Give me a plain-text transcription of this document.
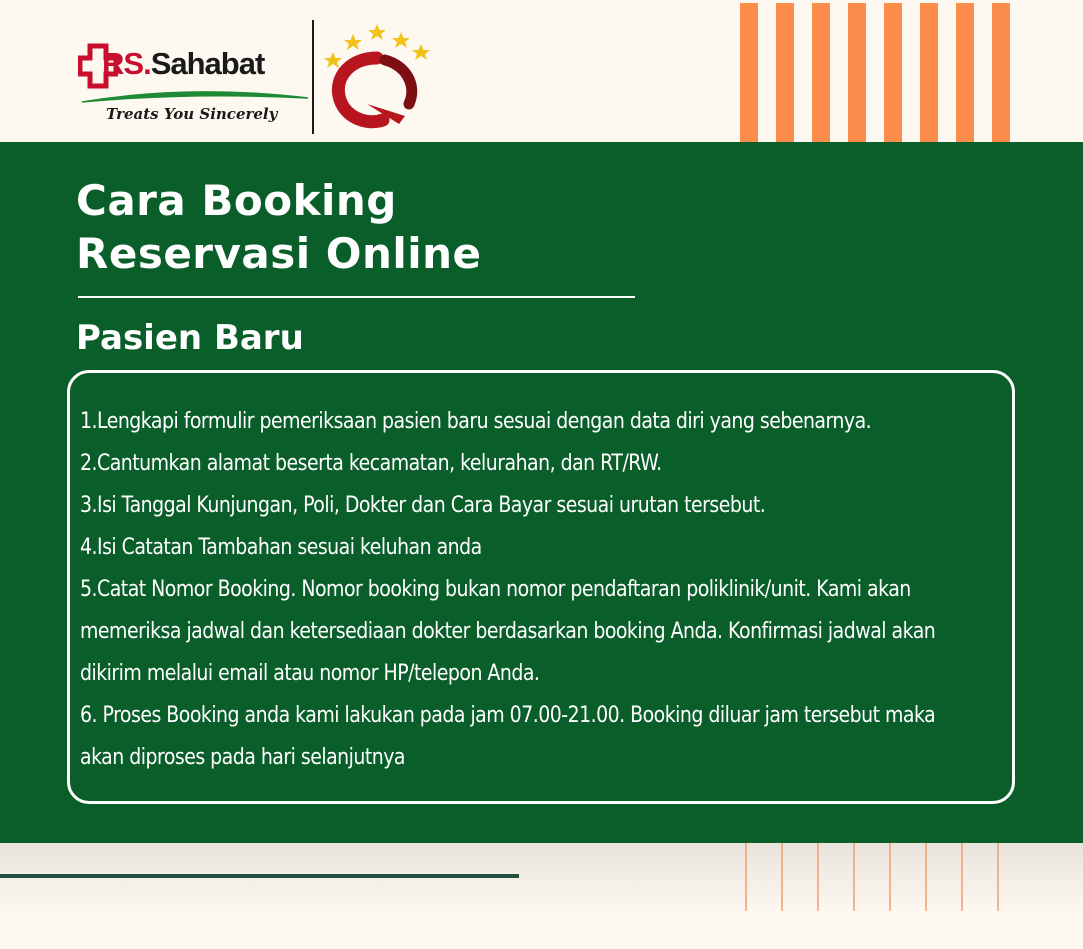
RS.Sahabat

Treats You Sincerely

Cara Booking
Reservasi Online
Pasien Baru
1.Lengkapi formulir pemeriksaan pasien baru sesuai dengan data diri yang sebenarnya.
2.Cantumkan alamat beserta kecamatan, kelurahan, dan RT/RW.
3.Isi Tanggal Kunjungan, Poli, Dokter dan Cara Bayar sesuai urutan tersebut.
4.Isi Catatan Tambahan sesuai keluhan anda
5.Catat Nomor Booking. Nomor booking bukan nomor pendaftaran poliklinik/unit. Kami akan
memeriksa jadwal dan ketersediaan dokter berdasarkan booking Anda. Konfirmasi jadwal akan
dikirim melalui email atau nomor HP/telepon Anda.
6. Proses Booking anda kami lakukan pada jam 07.00-21.00. Booking diluar jam tersebut maka
akan diproses pada hari selanjutnya
